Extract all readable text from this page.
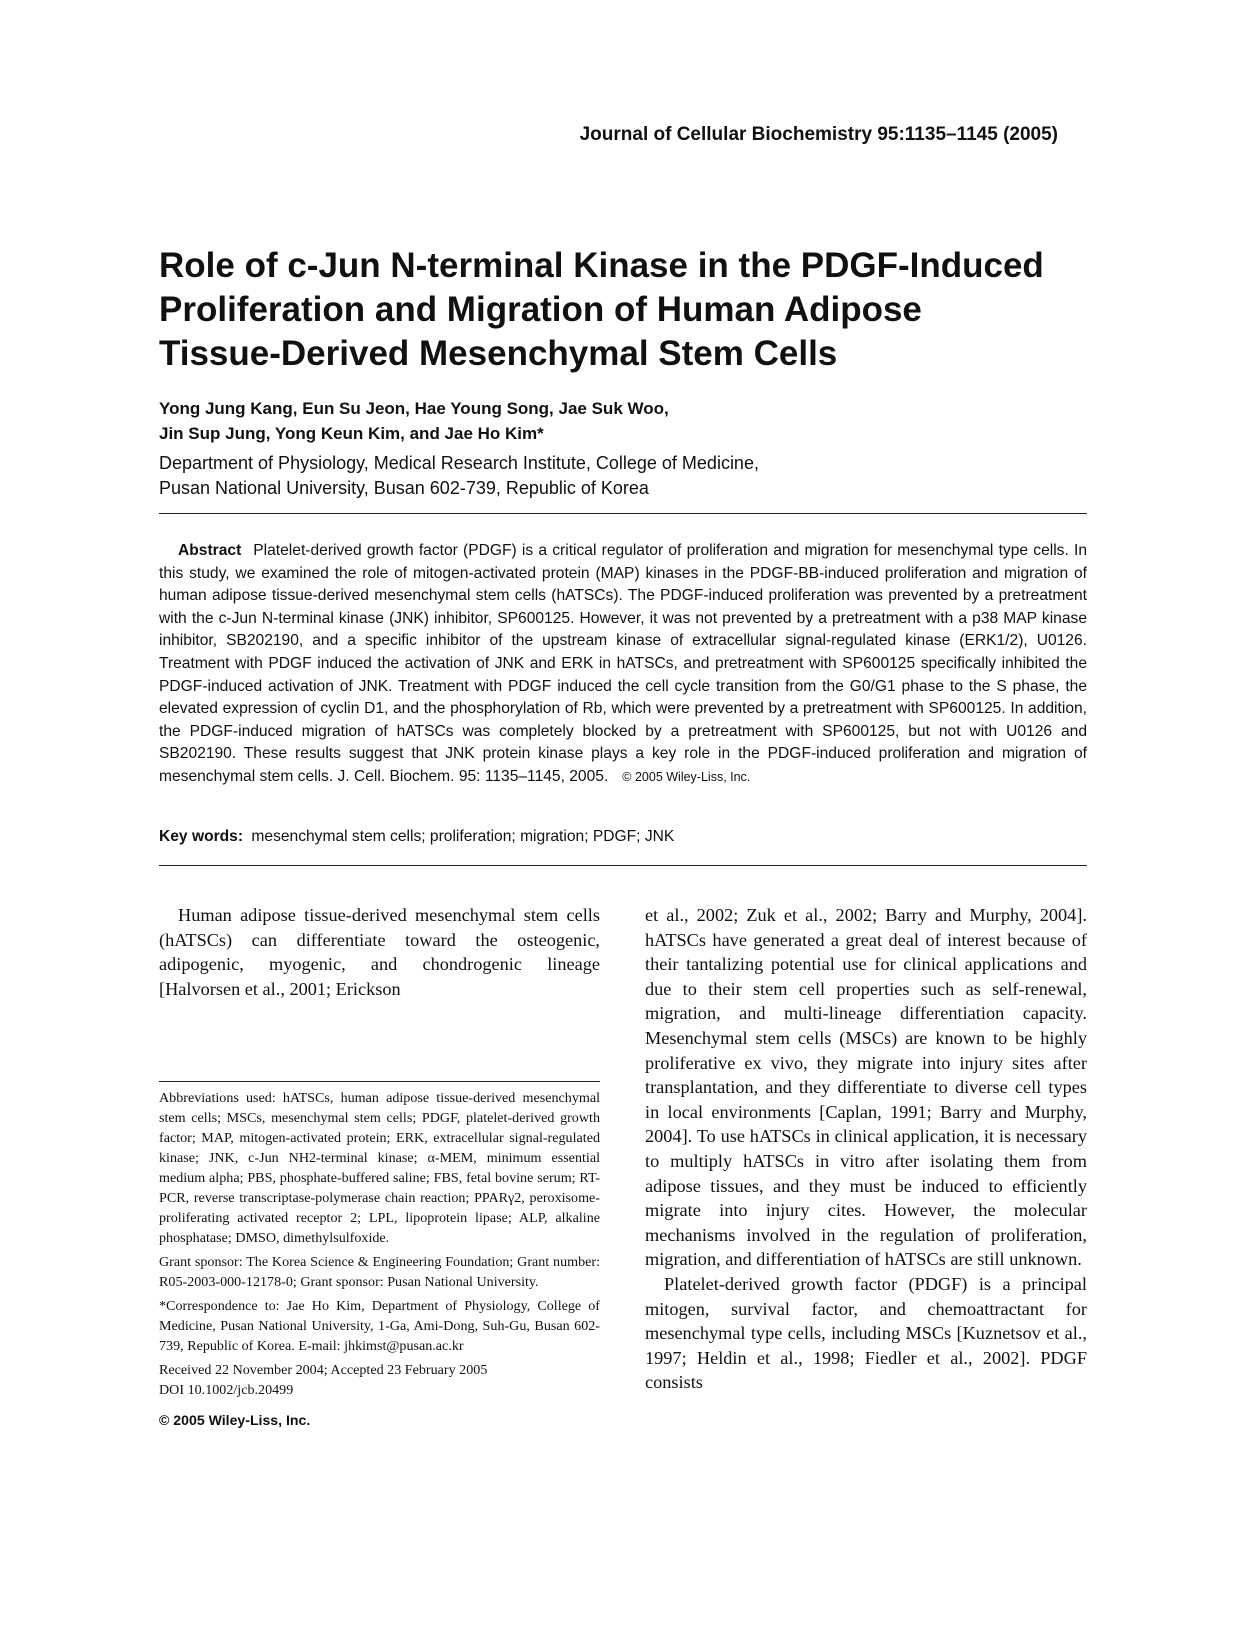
Journal of Cellular Biochemistry 95:1135–1145 (2005)
Role of c-Jun N-terminal Kinase in the PDGF-Induced
Proliferation and Migration of Human Adipose
Tissue-Derived Mesenchymal Stem Cells
Yong Jung Kang, Eun Su Jeon, Hae Young Song, Jae Suk Woo,
Jin Sup Jung, Yong Keun Kim, and Jae Ho Kim*
Department of Physiology, Medical Research Institute, College of Medicine,
Pusan National University, Busan 602-739, Republic of Korea
Abstract Platelet-derived growth factor (PDGF) is a critical regulator of proliferation and migration for mesenchymal type cells. In this study, we examined the role of mitogen-activated protein (MAP) kinases in the PDGF-BB-induced proliferation and migration of human adipose tissue-derived mesenchymal stem cells (hATSCs). The PDGF-induced proliferation was prevented by a pretreatment with the c-Jun N-terminal kinase (JNK) inhibitor, SP600125. However, it was not prevented by a pretreatment with a p38 MAP kinase inhibitor, SB202190, and a specific inhibitor of the upstream kinase of extracellular signal-regulated kinase (ERK1/2), U0126. Treatment with PDGF induced the activation of JNK and ERK in hATSCs, and pretreatment with SP600125 specifically inhibited the PDGF-induced activation of JNK. Treatment with PDGF induced the cell cycle transition from the G0/G1 phase to the S phase, the elevated expression of cyclin D1, and the phosphorylation of Rb, which were prevented by a pretreatment with SP600125. In addition, the PDGF-induced migration of hATSCs was completely blocked by a pretreatment with SP600125, but not with U0126 and SB202190. These results suggest that JNK protein kinase plays a key role in the PDGF-induced proliferation and migration of mesenchymal stem cells. J. Cell. Biochem. 95: 1135–1145, 2005. © 2005 Wiley-Liss, Inc.
Key words: mesenchymal stem cells; proliferation; migration; PDGF; JNK

Human adipose tissue-derived mesenchymal stem cells (hATSCs) can differentiate toward the osteogenic, adipogenic, myogenic, and chondrogenic lineage [Halvorsen et al., 2001; Erickson

et al., 2002; Zuk et al., 2002; Barry and Murphy, 2004]. hATSCs have generated a great deal of interest because of their tantalizing potential use for clinical applications and due to their stem cell properties such as self-renewal, migration, and multi-lineage differentiation capacity. Mesenchymal stem cells (MSCs) are known to be highly proliferative ex vivo, they migrate into injury sites after transplantation, and they differentiate to diverse cell types in local environments [Caplan, 1991; Barry and Murphy, 2004]. To use hATSCs in clinical application, it is necessary to multiply hATSCs in vitro after isolating them from adipose tissues, and they must be induced to efficiently migrate into injury cites. However, the molecular mechanisms involved in the regulation of proliferation, migration, and differentiation of hATSCs are still unknown.

Platelet-derived growth factor (PDGF) is a principal mitogen, survival factor, and chemoattractant for mesenchymal type cells, including MSCs [Kuznetsov et al., 1997; Heldin et al., 1998; Fiedler et al., 2002]. PDGF consists

Abbreviations used: hATSCs, human adipose tissue-derived mesenchymal stem cells; MSCs, mesenchymal stem cells; PDGF, platelet-derived growth factor; MAP, mitogen-activated protein; ERK, extracellular signal-regulated kinase; JNK, c-Jun NH2-terminal kinase; α-MEM, minimum essential medium alpha; PBS, phosphate-buffered saline; FBS, fetal bovine serum; RT-PCR, reverse transcriptase-polymerase chain reaction; PPARγ2, peroxisome-proliferating activated receptor 2; LPL, lipoprotein lipase; ALP, alkaline phosphatase; DMSO, dimethylsulfoxide.

Grant sponsor: The Korea Science & Engineering Foundation; Grant number: R05-2003-000-12178-0; Grant sponsor: Pusan National University.

*Correspondence to: Jae Ho Kim, Department of Physiology, College of Medicine, Pusan National University, 1-Ga, Ami-Dong, Suh-Gu, Busan 602-739, Republic of Korea. E-mail: jhkimst@pusan.ac.kr

Received 22 November 2004; Accepted 23 February 2005

DOI 10.1002/jcb.20499

© 2005 Wiley-Liss, Inc.
